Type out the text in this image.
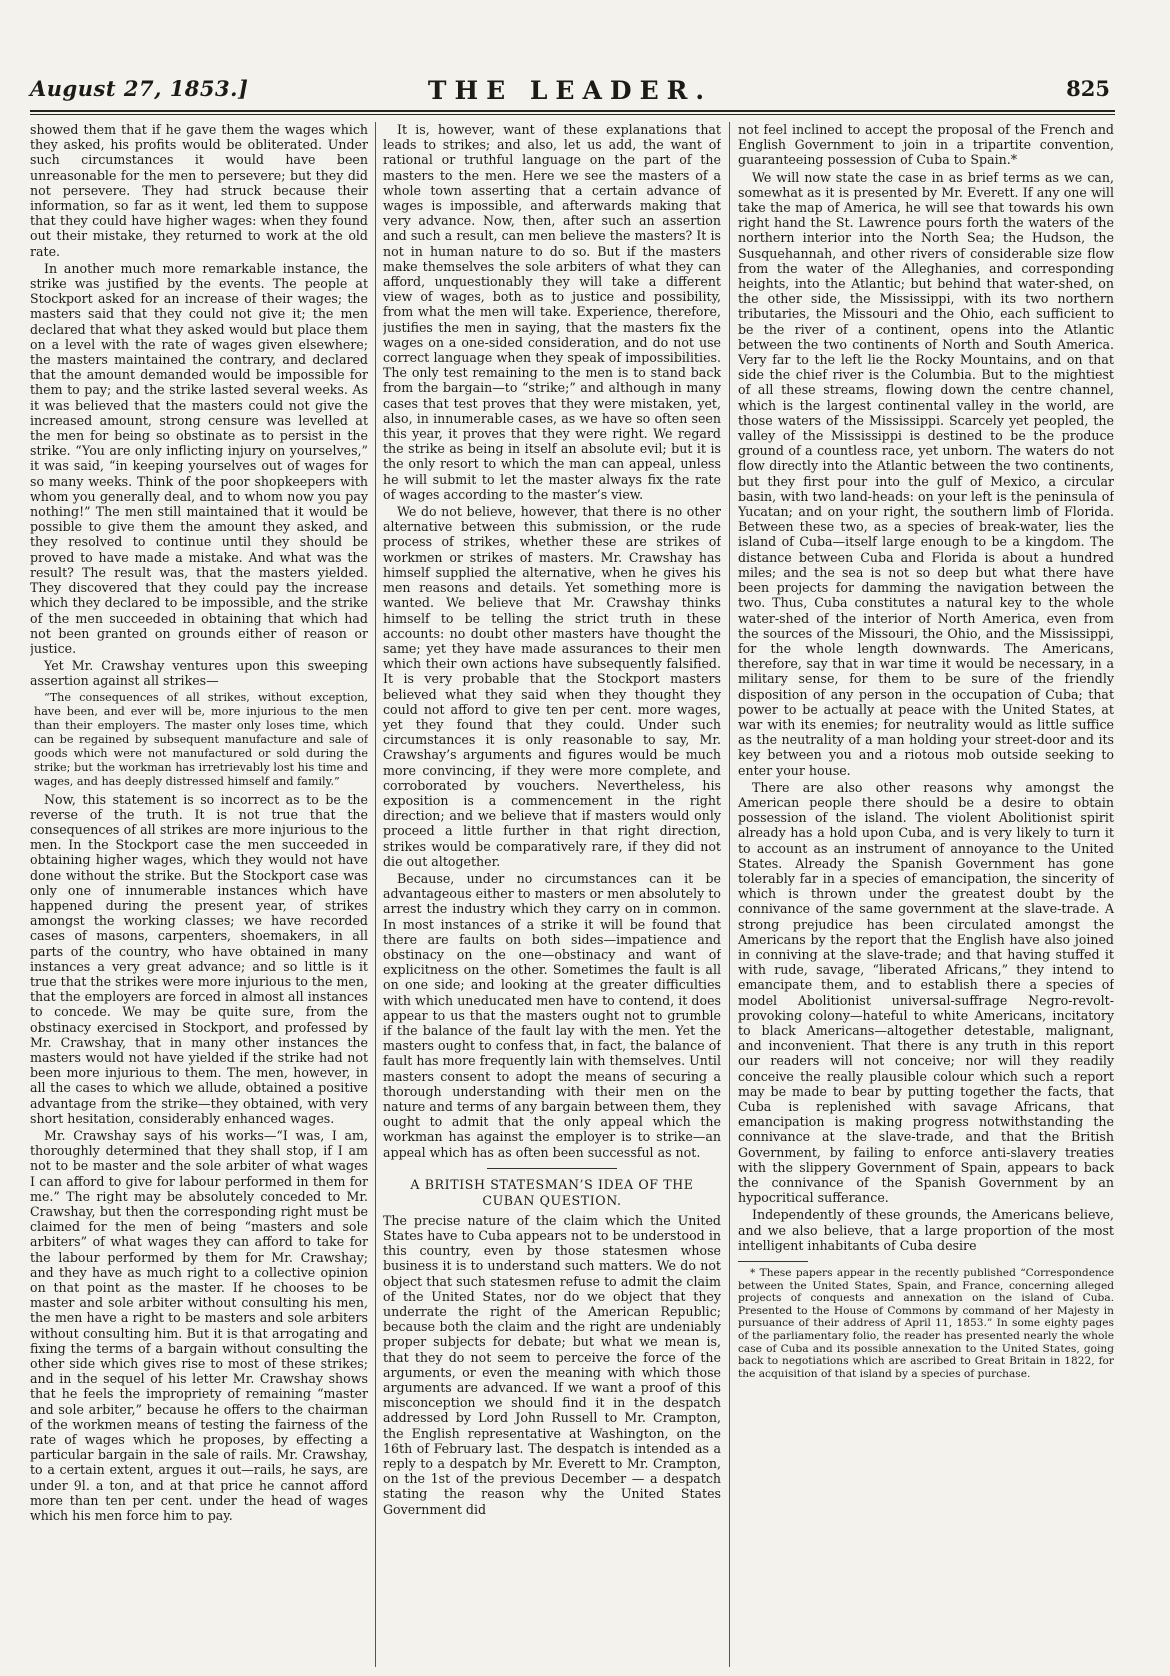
August 27, 1853.]	THE LEADER.	825

showed them that if he gave them the wages which they asked, his profits would be obliterated. Under such circumstances it would have been unreasonable for the men to persevere; but they did not persevere. They had struck because their information, so far as it went, led them to suppose that they could have higher wages: when they found out their mistake, they returned to work at the old rate.

In another much more remarkable instance, the strike was justified by the events. The people at Stockport asked for an increase of their wages; the masters said that they could not give it; the men declared that what they asked would but place them on a level with the rate of wages given elsewhere; the masters maintained the contrary, and declared that the amount demanded would be impossible for them to pay; and the strike lasted several weeks. As it was believed that the masters could not give the increased amount, strong censure was levelled at the men for being so obstinate as to persist in the strike. “You are only inflicting injury on yourselves,” it was said, “in keeping yourselves out of wages for so many weeks. Think of the poor shopkeepers with whom you generally deal, and to whom now you pay nothing!” The men still maintained that it would be possible to give them the amount they asked, and they resolved to continue until they should be proved to have made a mistake. And what was the result? The result was, that the masters yielded. They discovered that they could pay the increase which they declared to be impossible, and the strike of the men succeeded in obtaining that which had not been granted on grounds either of reason or justice.

Yet Mr. Crawshay ventures upon this sweeping assertion against all strikes—

“The consequences of all strikes, without exception, have been, and ever will be, more injurious to the men than their employers. The master only loses time, which can be regained by subsequent manufacture and sale of goods which were not manufactured or sold during the strike; but the workman has irretrievably lost his time and wages, and has deeply distressed himself and family.”

Now, this statement is so incorrect as to be the reverse of the truth. It is not true that the consequences of all strikes are more injurious to the men. In the Stockport case the men succeeded in obtaining higher wages, which they would not have done without the strike. But the Stockport case was only one of innumerable instances which have happened during the present year, of strikes amongst the working classes; we have recorded cases of masons, carpenters, shoemakers, in all parts of the country, who have obtained in many instances a very great advance; and so little is it true that the strikes were more injurious to the men, that the employers are forced in almost all instances to concede. We may be quite sure, from the obstinacy exercised in Stockport, and professed by Mr. Crawshay, that in many other instances the masters would not have yielded if the strike had not been more injurious to them. The men, however, in all the cases to which we allude, obtained a positive advantage from the strike—they obtained, with very short hesitation, considerably enhanced wages.

Mr. Crawshay says of his works—“I was, I am, thoroughly determined that they shall stop, if I am not to be master and the sole arbiter of what wages I can afford to give for labour performed in them for me.” The right may be absolutely conceded to Mr. Crawshay, but then the corresponding right must be claimed for the men of being “masters and sole arbiters” of what wages they can afford to take for the labour performed by them for Mr. Crawshay; and they have as much right to a collective opinion on that point as the master. If he chooses to be master and sole arbiter without consulting his men, the men have a right to be masters and sole arbiters without consulting him. But it is that arrogating and fixing the terms of a bargain without consulting the other side which gives rise to most of these strikes; and in the sequel of his letter Mr. Crawshay shows that he feels the impropriety of remaining “master and sole arbiter,” because he offers to the chairman of the workmen means of testing the fairness of the rate of wages which he proposes, by effecting a particular bargain in the sale of rails. Mr. Crawshay, to a certain extent, argues it out—rails, he says, are under 9l. a ton, and at that price he cannot afford more than ten per cent. under the head of wages which his men force him to pay.

It is, however, want of these explanations that leads to strikes; and also, let us add, the want of rational or truthful language on the part of the masters to the men. Here we see the masters of a whole town asserting that a certain advance of wages is impossible, and afterwards making that very advance. Now, then, after such an assertion and such a result, can men believe the masters? It is not in human nature to do so. But if the masters make themselves the sole arbiters of what they can afford, unquestionably they will take a different view of wages, both as to justice and possibility, from what the men will take. Experience, therefore, justifies the men in saying, that the masters fix the wages on a one-sided consideration, and do not use correct language when they speak of impossibilities. The only test remaining to the men is to stand back from the bargain—to “strike;” and although in many cases that test proves that they were mistaken, yet, also, in innumerable cases, as we have so often seen this year, it proves that they were right. We regard the strike as being in itself an absolute evil; but it is the only resort to which the man can appeal, unless he will submit to let the master always fix the rate of wages according to the master’s view.

We do not believe, however, that there is no other alternative between this submission, or the rude process of strikes, whether these are strikes of workmen or strikes of masters. Mr. Crawshay has himself supplied the alternative, when he gives his men reasons and details. Yet something more is wanted. We believe that Mr. Crawshay thinks himself to be telling the strict truth in these accounts: no doubt other masters have thought the same; yet they have made assurances to their men which their own actions have subsequently falsified. It is very probable that the Stockport masters believed what they said when they thought they could not afford to give ten per cent. more wages, yet they found that they could. Under such circumstances it is only reasonable to say, Mr. Crawshay’s arguments and figures would be much more convincing, if they were more complete, and corroborated by vouchers. Nevertheless, his exposition is a commencement in the right direction; and we believe that if masters would only proceed a little further in that right direction, strikes would be comparatively rare, if they did not die out altogether.

Because, under no circumstances can it be advantageous either to masters or men absolutely to arrest the industry which they carry on in common. In most instances of a strike it will be found that there are faults on both sides—impatience and obstinacy on the one—obstinacy and want of explicitness on the other. Sometimes the fault is all on one side; and looking at the greater difficulties with which uneducated men have to contend, it does appear to us that the masters ought not to grumble if the balance of the fault lay with the men. Yet the masters ought to confess that, in fact, the balance of fault has more frequently lain with themselves. Until masters consent to adopt the means of securing a thorough understanding with their men on the nature and terms of any bargain between them, they ought to admit that the only appeal which the workman has against the employer is to strike—an appeal which has as often been successful as not.

A BRITISH STATESMAN’S IDEA OF THE CUBAN QUESTION.

The precise nature of the claim which the United States have to Cuba appears not to be understood in this country, even by those statesmen whose business it is to understand such matters. We do not object that such statesmen refuse to admit the claim of the United States, nor do we object that they underrate the right of the American Republic; because both the claim and the right are undeniably proper subjects for debate; but what we mean is, that they do not seem to perceive the force of the arguments, or even the meaning with which those arguments are advanced. If we want a proof of this misconception we should find it in the despatch addressed by Lord John Russell to Mr. Crampton, the English representative at Washington, on the 16th of February last. The despatch is intended as a reply to a despatch by Mr. Everett to Mr. Crampton, on the 1st of the previous December — a despatch stating the reason why the United States Government did

not feel inclined to accept the proposal of the French and English Government to join in a tripartite convention, guaranteeing possession of Cuba to Spain.*

We will now state the case in as brief terms as we can, somewhat as it is presented by Mr. Everett. If any one will take the map of America, he will see that towards his own right hand the St. Lawrence pours forth the waters of the northern interior into the North Sea; the Hudson, the Susquehannah, and other rivers of considerable size flow from the water of the Alleghanies, and corresponding heights, into the Atlantic; but behind that water-shed, on the other side, the Mississippi, with its two northern tributaries, the Missouri and the Ohio, each sufficient to be the river of a continent, opens into the Atlantic between the two continents of North and South America. Very far to the left lie the Rocky Mountains, and on that side the chief river is the Columbia. But to the mightiest of all these streams, flowing down the centre channel, which is the largest continental valley in the world, are those waters of the Mississippi. Scarcely yet peopled, the valley of the Mississippi is destined to be the produce ground of a countless race, yet unborn. The waters do not flow directly into the Atlantic between the two continents, but they first pour into the gulf of Mexico, a circular basin, with two land-heads: on your left is the peninsula of Yucatan; and on your right, the southern limb of Florida. Between these two, as a species of break-water, lies the island of Cuba—itself large enough to be a kingdom. The distance between Cuba and Florida is about a hundred miles; and the sea is not so deep but what there have been projects for damming the navigation between the two. Thus, Cuba constitutes a natural key to the whole water-shed of the interior of North America, even from the sources of the Missouri, the Ohio, and the Mississippi, for the whole length downwards. The Americans, therefore, say that in war time it would be necessary, in a military sense, for them to be sure of the friendly disposition of any person in the occupation of Cuba; that power to be actually at peace with the United States, at war with its enemies; for neutrality would as little suffice as the neutrality of a man holding your street-door and its key between you and a riotous mob outside seeking to enter your house.

There are also other reasons why amongst the American people there should be a desire to obtain possession of the island. The violent Abolitionist spirit already has a hold upon Cuba, and is very likely to turn it to account as an instrument of annoyance to the United States. Already the Spanish Government has gone tolerably far in a species of emancipation, the sincerity of which is thrown under the greatest doubt by the connivance of the same government at the slave-trade. A strong prejudice has been circulated amongst the Americans by the report that the English have also joined in conniving at the slave-trade; and that having stuffed it with rude, savage, “liberated Africans,” they intend to emancipate them, and to establish there a species of model Abolitionist universal-suffrage Negro-revolt-provoking colony—hateful to white Americans, incitatory to black Americans—altogether detestable, malignant, and inconvenient. That there is any truth in this report our readers will not conceive; nor will they readily conceive the really plausible colour which such a report may be made to bear by putting together the facts, that Cuba is replenished with savage Africans, that emancipation is making progress notwithstanding the connivance at the slave-trade, and that the British Government, by failing to enforce anti-slavery treaties with the slippery Government of Spain, appears to back the connivance of the Spanish Government by an hypocritical sufferance.

Independently of these grounds, the Americans believe, and we also believe, that a large proportion of the most intelligent inhabitants of Cuba desire

* These papers appear in the recently published “Correspondence between the United States, Spain, and France, concerning alleged projects of conquests and annexation on the island of Cuba. Presented to the House of Commons by command of her Majesty in pursuance of their address of April 11, 1853.” In some eighty pages of the parliamentary folio, the reader has presented nearly the whole case of Cuba and its possible annexation to the United States, going back to negotiations which are ascribed to Great Britain in 1822, for the acquisition of that island by a species of purchase.
